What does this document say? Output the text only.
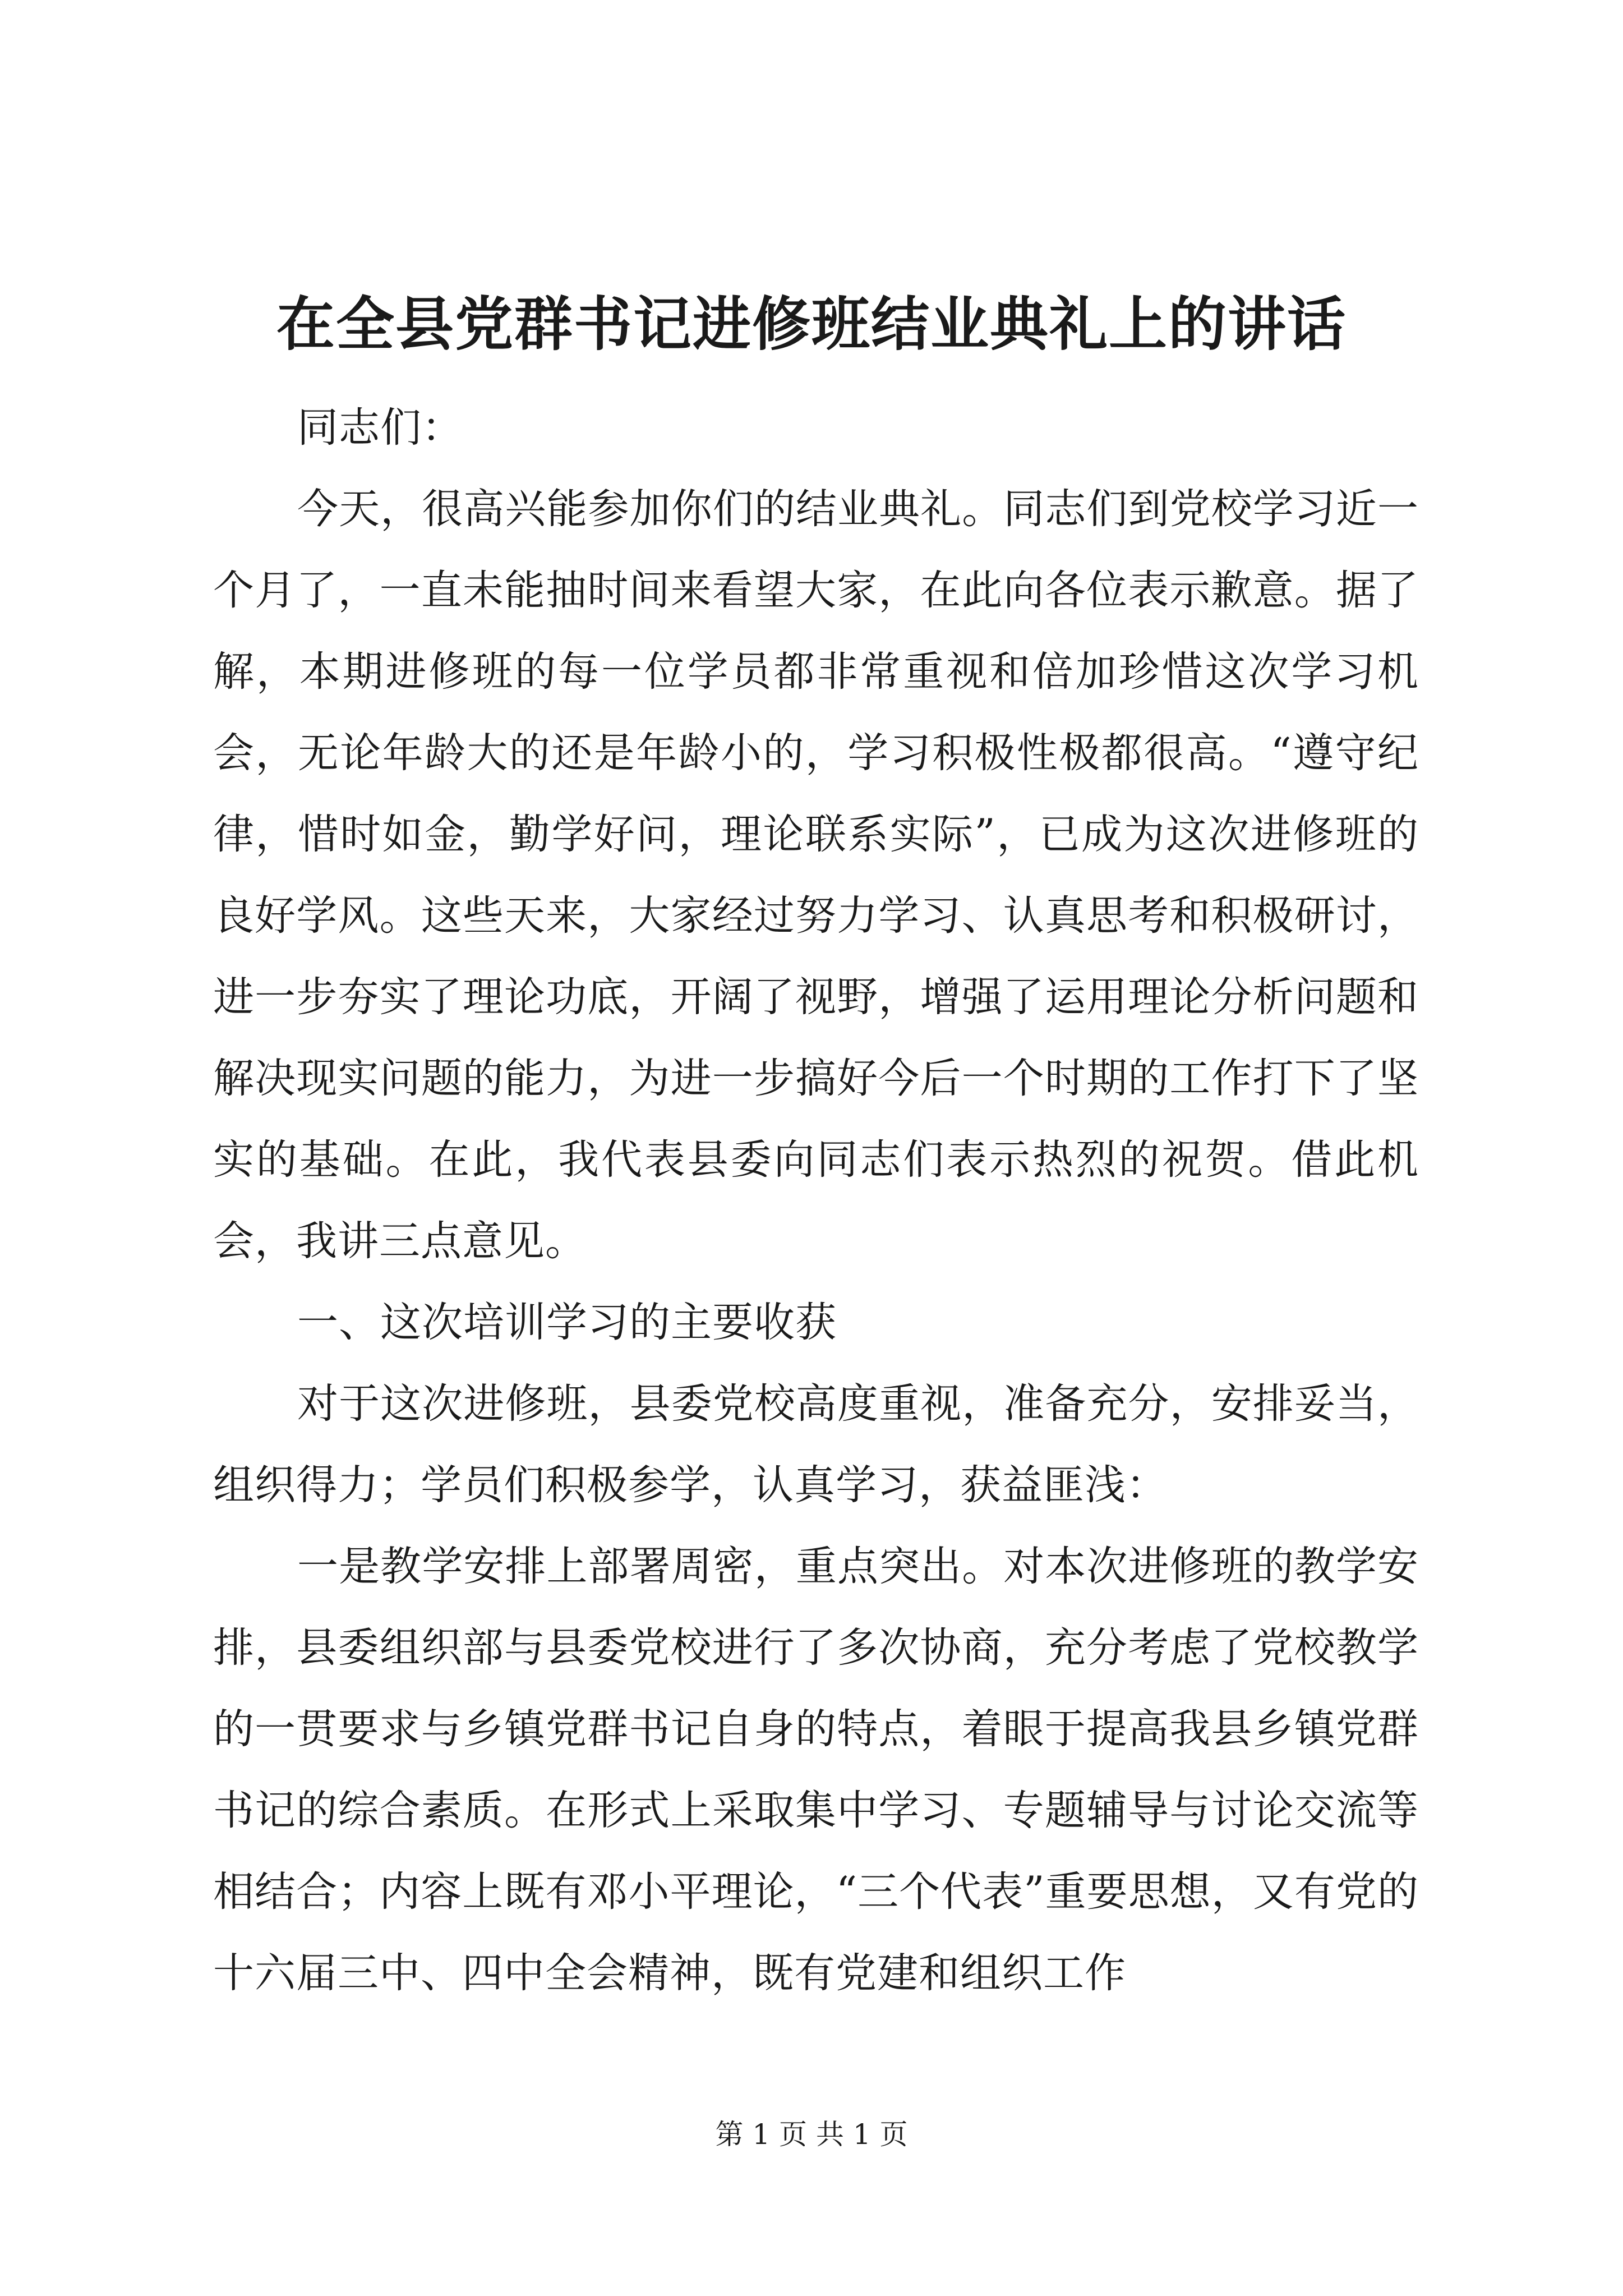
在全县党群书记进修班结业典礼上的讲话

同志们：

今天，很高兴能参加你们的结业典礼。同志们到党校学习近一个月了，一直未能抽时间来看望大家，在此向各位表示歉意。据了解，本期进修班的每一位学员都非常重视和倍加珍惜这次学习机会，无论年龄大的还是年龄小的，学习积极性极都很高。“遵守纪律，惜时如金，勤学好问，理论联系实际”，已成为这次进修班的良好学风。这些天来，大家经过努力学习、认真思考和积极研讨，进一步夯实了理论功底，开阔了视野，增强了运用理论分析问题和解决现实问题的能力，为进一步搞好今后一个时期的工作打下了坚实的基础。在此，我代表县委向同志们表示热烈的祝贺。借此机会，我讲三点意见。

一、这次培训学习的主要收获

对于这次进修班，县委党校高度重视，准备充分，安排妥当，组织得力；学员们积极参学，认真学习，获益匪浅：

一是教学安排上部署周密，重点突出。对本次进修班的教学安排，县委组织部与县委党校进行了多次协商，充分考虑了党校教学的一贯要求与乡镇党群书记自身的特点，着眼于提高我县乡镇党群书记的综合素质。在形式上采取集中学习、专题辅导与讨论交流等相结合；内容上既有邓小平理论，“三个代表”重要思想，又有党的十六届三中、四中全会精神，既有党建和组织工作

第 1 页 共 1 页
